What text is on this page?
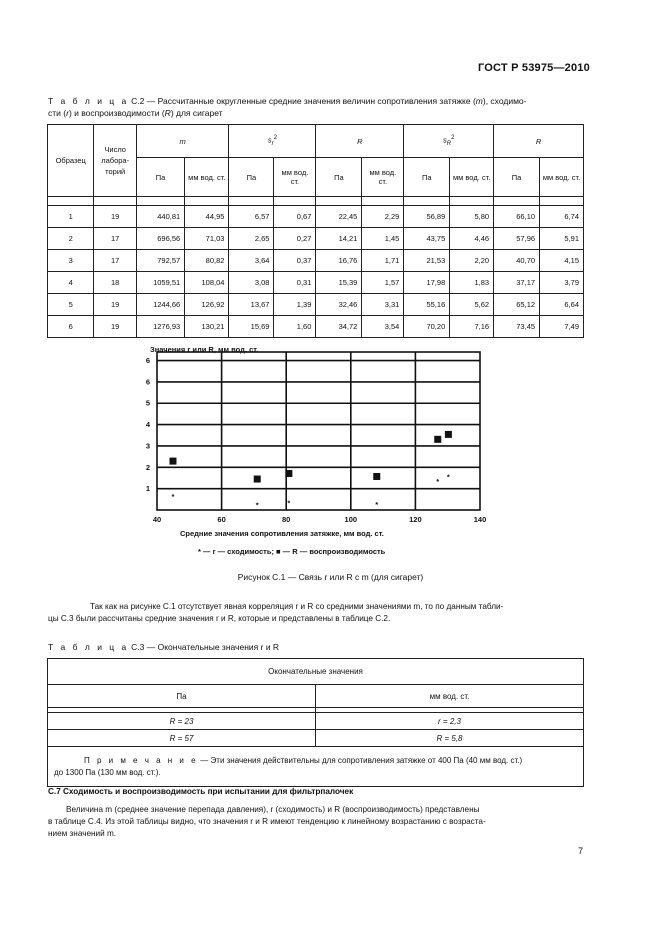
ГОСТ Р 53975—2010
Т а б л и ц а С.2 — Рассчитанные округленные средние значения величин сопротивления затяжке (m), сходимо-
сти (r) и воспроизводимости (R) для сигарет
Образец	Число лабора-торий	m		$s_r^2$		R		$s_R^2$		R	
		Па	мм вод. ст.	Па	мм вод. ст.	Па	мм вод. ст.	Па	мм вод. ст.	Па	мм вод. ст.

1	19	440,81	44,95	6,57	0,67	22,45	2,29	56,89	5,80	66,10	6,74
2	17	696,56	71,03	2,65	0,27	14,21	1,45	43,75	4,46	57,96	5,91
3	17	792,57	80,82	3,64	0,37	16,76	1,71	21,53	2,20	40,70	4,15
4	18	1059,51	108,04	3,08	0,31	15,39	1,57	17,98	1,83	37,17	3,79
5	19	1244,66	126,92	13,67	1,39	32,46	3,31	55,16	5,62	65,12	6,64
6	19	1276,93	130,21	15,69	1,60	34,72	3,54	70,20	7,16	73,45	7,49
Значения r или R, мм вод. ст.
40	60	80	100	120	140
1
2
3
4
5
6
6
*
*	*	*
* *
Средние значения сопротивления затяжке, мм вод. ст.
* — r — сходимость; ■ — R — воспроизводимость
Рисунок С.1 — Связь r или R с m (для сигарет)
Так как на рисунке С.1 отсутствует явная корреляция r и R со средними значениями m, то по данным табли-
цы С.3 были рассчитаны средние значения r и R, которые и представлены в таблице С.2.
Т а б л и ц а С.3 — Окончательные значения r и R
Окончательные значения	
Па	мм вод. ст.

R = 23	r = 2,3
R = 57	R = 5,8

П р и м е ч а н и е — Эти значения действительны для сопротивления затяжке от 400 Па (40 мм вод. ст.)
до 1300 Па (130 мм вод. ст.).	
С.7 Сходимость и воспроизводимость при испытании для фильтрпалочек
Величина m (среднее значение перепада давления), r (сходимость) и R (воспроизводимость) представлены
в таблице С.4. Из этой таблицы видно, что значения r и R имеют тенденцию к линейному возрастанию с возраста-
нием значений m.
7
